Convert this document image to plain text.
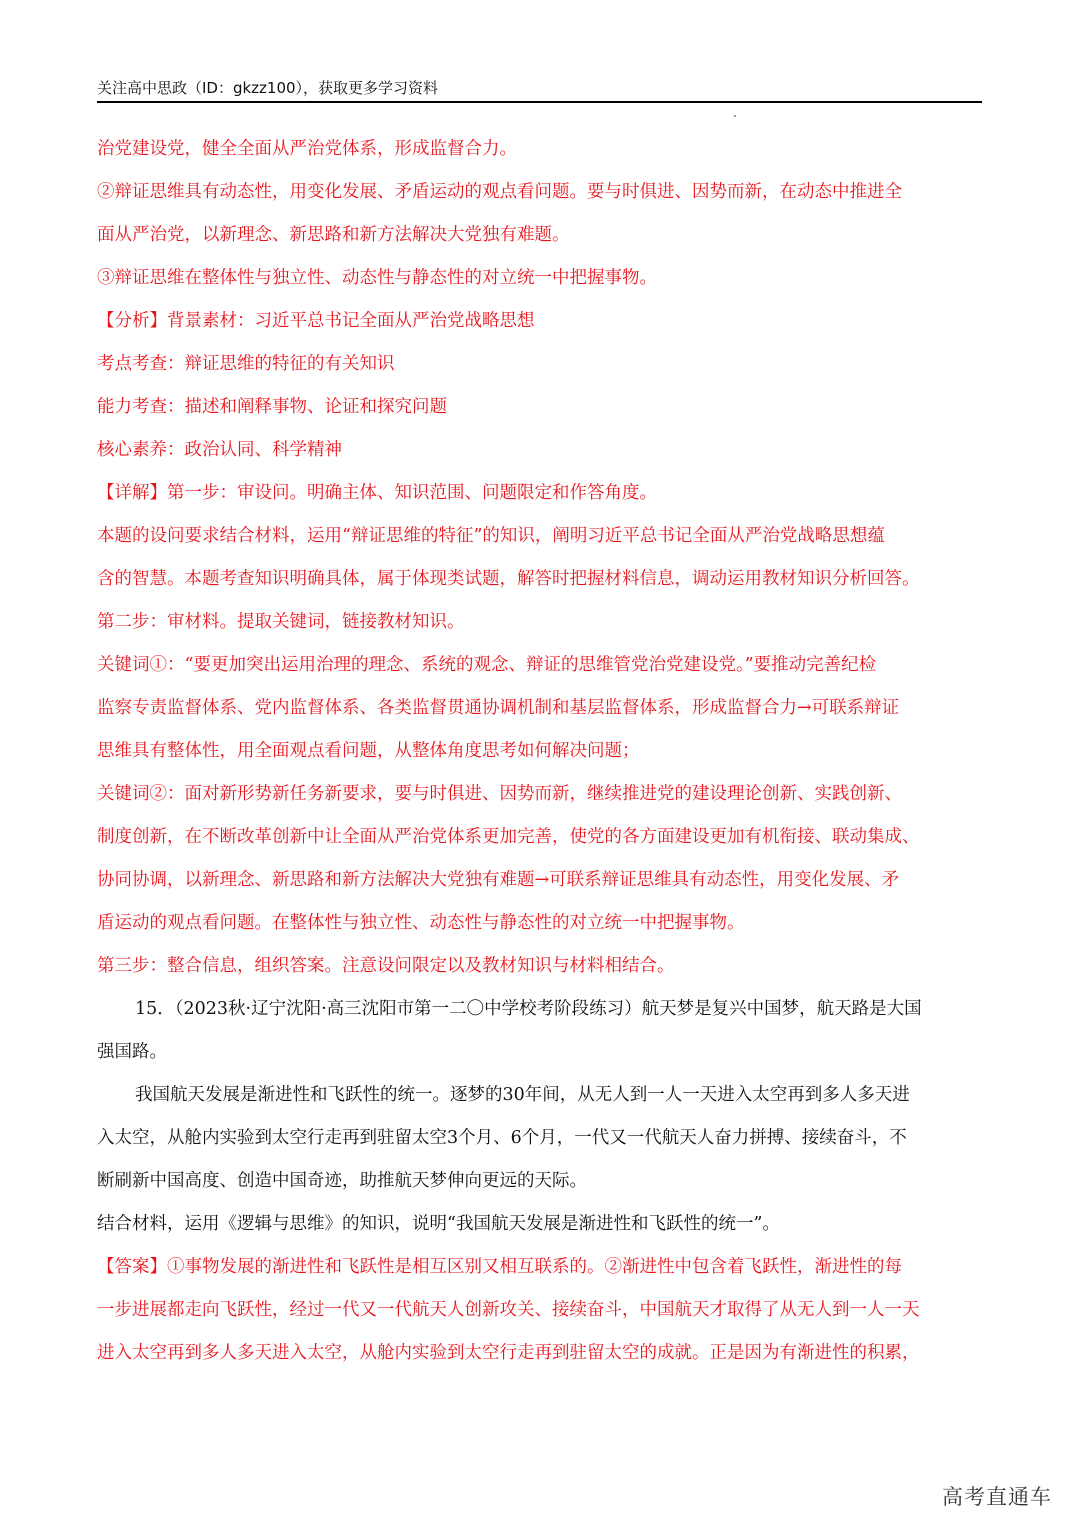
关注高中思政（ID：gkzz100），获取更多学习资料
治党建设党，健全全面从严治党体系，形成监督合力。
②辩证思维具有动态性，用变化发展、矛盾运动的观点看问题。要与时俱进、因势而新，在动态中推进全
面从严治党，以新理念、新思路和新方法解决大党独有难题。
③辩证思维在整体性与独立性、动态性与静态性的对立统一中把握事物。
【分析】背景素材：习近平总书记全面从严治党战略思想
考点考查：辩证思维的特征的有关知识
能力考查：描述和阐释事物、论证和探究问题
核心素养：政治认同、科学精神
【详解】第一步：审设问。明确主体、知识范围、问题限定和作答角度。
本题的设问要求结合材料，运用“辩证思维的特征”的知识，阐明习近平总书记全面从严治党战略思想蕴
含的智慧。本题考查知识明确具体，属于体现类试题，解答时把握材料信息，调动运用教材知识分析回答。
第二步：审材料。提取关键词，链接教材知识。
关键词①：“要更加突出运用治理的理念、系统的观念、辩证的思维管党治党建设党。”要推动完善纪检
监察专责监督体系、党内监督体系、各类监督贯通协调机制和基层监督体系，形成监督合力→可联系辩证
思维具有整体性，用全面观点看问题，从整体角度思考如何解决问题；
关键词②：面对新形势新任务新要求，要与时俱进、因势而新，继续推进党的建设理论创新、实践创新、
制度创新，在不断改革创新中让全面从严治党体系更加完善，使党的各方面建设更加有机衔接、联动集成、
协同协调，以新理念、新思路和新方法解决大党独有难题→可联系辩证思维具有动态性，用变化发展、矛
盾运动的观点看问题。在整体性与独立性、动态性与静态性的对立统一中把握事物。
第三步：整合信息，组织答案。注意设问限定以及教材知识与材料相结合。
15．（2023秋·辽宁沈阳·高三沈阳市第一二〇中学校考阶段练习）航天梦是复兴中国梦，航天路是大国
强国路。
我国航天发展是渐进性和飞跃性的统一。逐梦的30年间，从无人到一人一天进入太空再到多人多天进
入太空，从舱内实验到太空行走再到驻留太空3个月、6个月，一代又一代航天人奋力拼搏、接续奋斗，不
断刷新中国高度、创造中国奇迹，助推航天梦伸向更远的天际。
结合材料，运用《逻辑与思维》的知识，说明“我国航天发展是渐进性和飞跃性的统一”。
【答案】①事物发展的渐进性和飞跃性是相互区别又相互联系的。②渐进性中包含着飞跃性，渐进性的每
一步进展都走向飞跃性，经过一代又一代航天人创新攻关、接续奋斗，中国航天才取得了从无人到一人一天
进入太空再到多人多天进入太空，从舱内实验到太空行走再到驻留太空的成就。正是因为有渐进性的积累，
高考直通车
